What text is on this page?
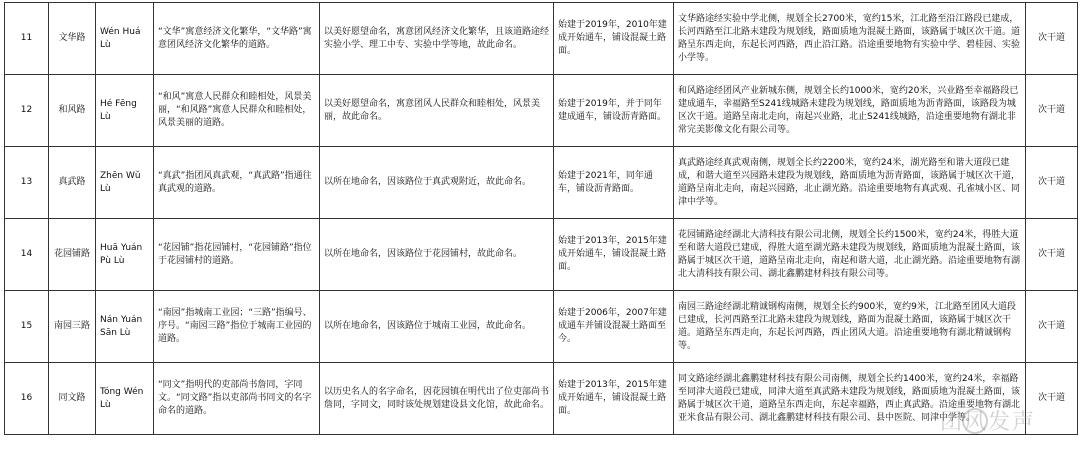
11	文华路	Wén Huá Lù	“文华”寓意经济文化繁华，“文华路”寓意团风经济文化繁华的道路。	以美好愿望命名，寓意团风经济文化繁华，且该道路途经实验小学、理工中专、实验中学等地，故此命名。	始建于2019年，2010年建成开始通车，铺设混凝土路面。	文华路途经实验中学北侧，规划全长2700米，宽约15米，江北路至沿江路段已建成，长河西路至江北路未建段为规划线，路面质地为混凝土路面，该路属于城区次干道。道路呈东西走向，东起长河西路，西止沿江路。沿途重要地物有实验中学、碧桂园、实验小学等。	次干道
12	和风路	Hé Fēng Lù	“和风”寓意人民群众和睦相处，风景美丽，“和风路”寓意人民群众和睦相处，风景美丽的道路。	以美好愿望命名，寓意团风人民群众和睦相处，风景美丽，故此命名。	始建于2019年，并于同年建成通车，铺设沥青路面。	和风路途经团风产业新城东侧，规划全长约1000米，宽约20米，兴业路至幸福路段已建成通车，幸福路至S241线城路未建段为规划线，路面质地为沥青路面，该路段为城区次干道。道路呈南北走向，南起兴业路，北止S241线城路，沿途重要地物有湖北非常完美影像文化有限公司等。	次干道
13	真武路	Zhēn Wǔ Lù	“真武”指团风真武观，“真武路”指通往真武观的道路。	以所在地命名，因该路位于真武观附近，故此命名。	始建于2021年，同年通车，铺设沥青路面。	真武路途经真武观南侧，规划全长约2200米，宽约24米，湖光路至和谐大道段已建成，和谐大道至兴园路未建段为规划线，路面质地为沥青路面，该路属于城区次干道，道路呈南北走向，南起兴园路，北止湖光路。沿途重要地物有真武观、孔雀城小区、同津中学等。	次干道
14	花园铺路	Huā Yuán Pù Lù	“花园铺”指花园铺村，“花园铺路”指位于花园铺村的道路。	以所在地命名，因该路位于花园铺村，故此命名。	始建于2013年，2015年建成开始通车，铺设混凝土路面。	花园铺路途经湖北大清科技有限公司北侧，规划全长约1500米，宽约24米，得胜大道至和谐大道段已建成，得胜大道至湖光路未建段为规划线，路面质地为混凝土路面，该路属于城区次干道，道路呈南北走向，南起和谐大道，北止湖光路。沿途重要地物有湖北大清科技有限公司、湖北鑫鹏建材科技有限公司等。	次干道
15	南园三路	Nán Yuán Sān Lù	“南园”指城南工业园；“三路”指编号、序号。“南园三路”指位于城南工业园的道路。	以所在地命名，因该路位于城南工业园，故此命名。	始建于2006年，2007年建成通车并铺设混凝土路面至今。	南园三路途经湖北精诚钢构南侧，规划全长约900米，宽约9米，江北路至团风大道段已建成，长河西路至江北路未建段为规划线，路面为混凝土路面，该路属于城区次干道。道路呈东西走向，东起长河西路，西止团风大道。沿途重要地物有湖北精诚钢构等。	次干道
16	同文路	Tóng Wén Lù	“同文”指明代的吏部尚书詹同，字同文。“同文路”指以吏部尚书同文的名字命名的道路。	以历史名人的名字命名，因花园镇在明代出了位吏部尚书詹同，字同文，同时该处规划建设县文化馆，故此命名。	始建于2013年，2015年建成开始通车，铺设混凝土路面。	同文路途经湖北鑫鹏建材科技有限公司南侧，规划全长约1400米，宽约24米，幸福路至同津大道段已建成，同津大道至真武路未建段为规划线，路面质地为混凝土路面，该路属于城区次干道，道路呈东西走向，东起幸福路，西止真武路。沿途重要地物有湖北亚米食品有限公司、湖北鑫鹏建材科技有限公司、县中医院、同津中学等。	次干道
团风发声
